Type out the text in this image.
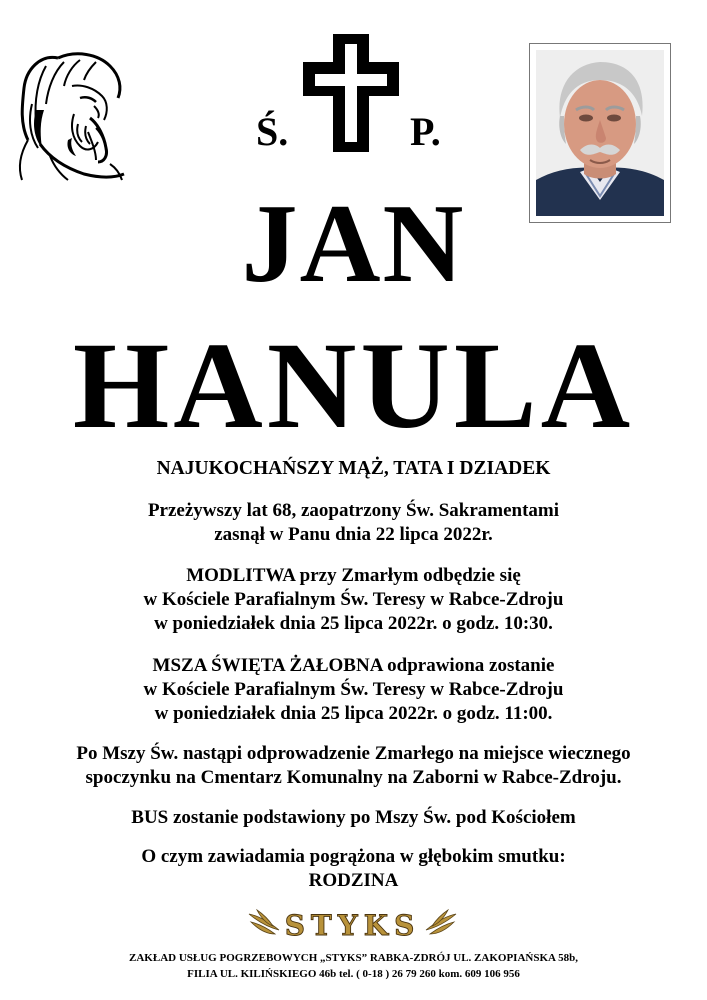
Ś.	P.
JAN
HANULA
NAJUKOCHAŃSZY MĄŻ, TATA I DZIADEK
Przeżywszy lat 68, zaopatrzony Św. Sakramentami
zasnął w Panu dnia 22 lipca 2022r.
MODLITWA przy Zmarłym odbędzie się
w Kościele Parafialnym Św. Teresy w Rabce-Zdroju
w poniedziałek dnia 25 lipca 2022r. o godz. 10:30.
MSZA ŚWIĘTA ŻAŁOBNA odprawiona zostanie
w Kościele Parafialnym Św. Teresy w Rabce-Zdroju
w poniedziałek dnia 25 lipca 2022r. o godz. 11:00.
Po Mszy Św. nastąpi odprowadzenie Zmarłego na miejsce wiecznego
spoczynku na Cmentarz Komunalny na Zaborni w Rabce-Zdroju.
BUS zostanie podstawiony po Mszy Św. pod Kościołem
O czym zawiadamia pogrążona w głębokim smutku:
RODZINA
STYKS
ZAKŁAD USŁUG POGRZEBOWYCH „STYKS” RABKA-ZDRÓJ UL. ZAKOPIAŃSKA 58b,
FILIA UL. KILIŃSKIEGO 46b tel. ( 0-18 ) 26 79 260 kom. 609 106 956
